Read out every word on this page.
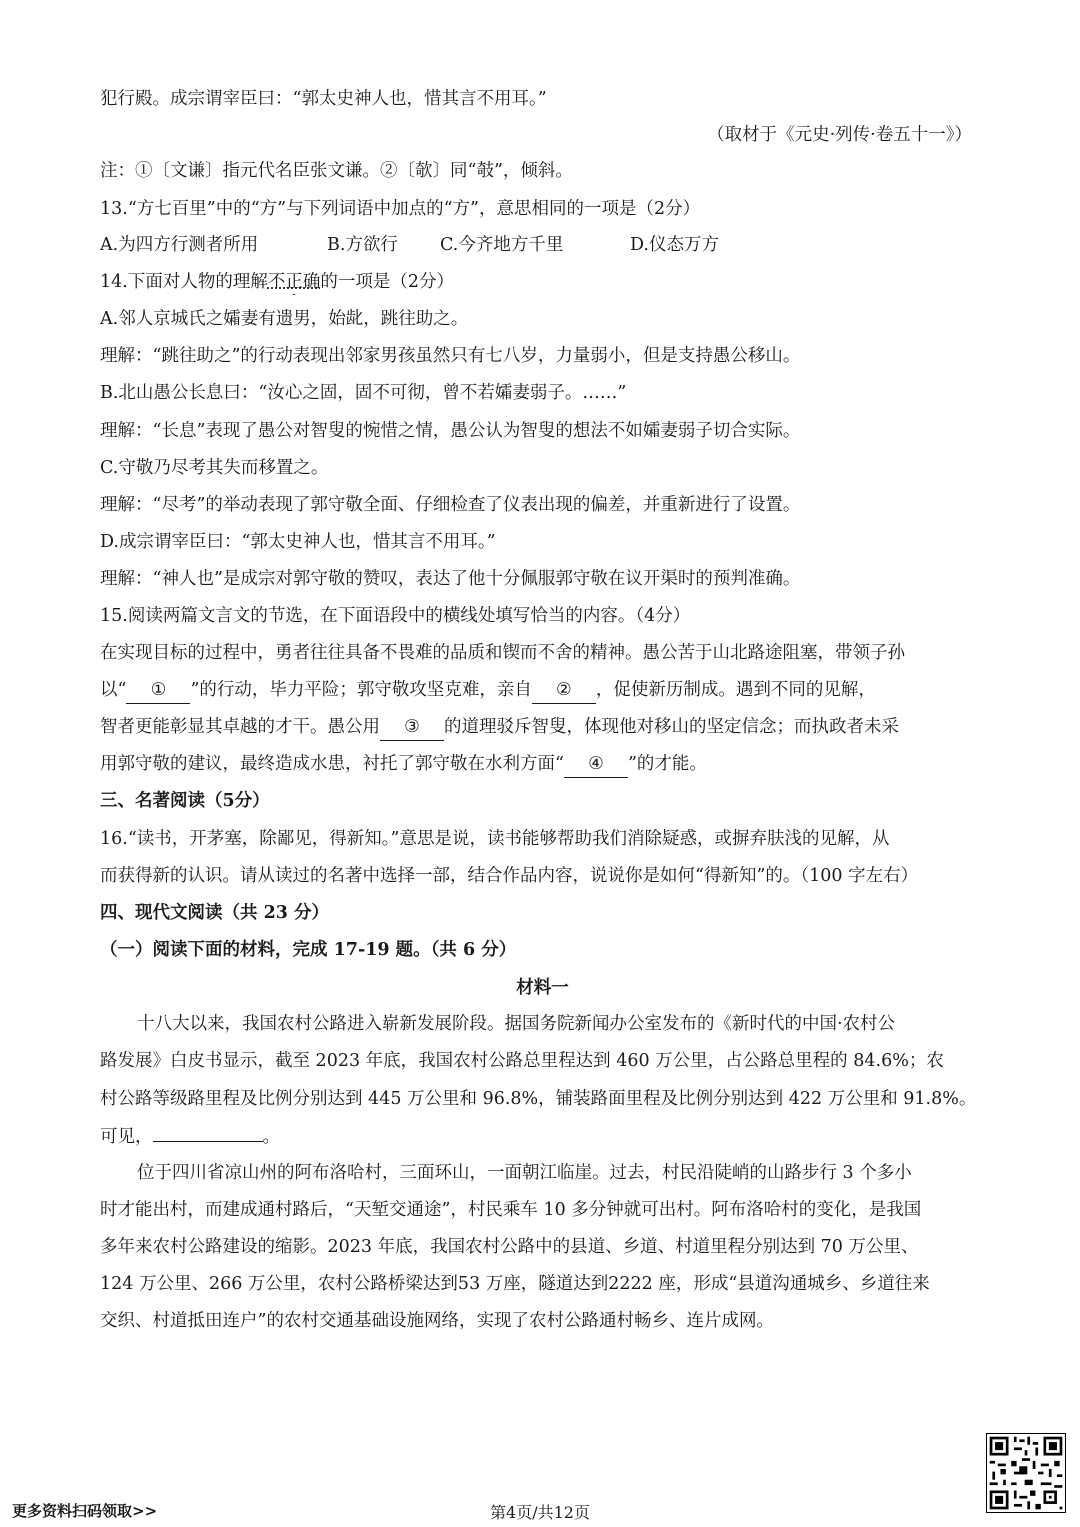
犯行殿。成宗谓宰臣曰：“郭太史神人也，惜其言不用耳。”
（取材于《元史·列传·卷五十一》）
注：①〔文谦〕指元代名臣张文谦。②〔欹〕同“攲”，倾斜。
13.“方七百里”中的“方”与下列词语中加点的“方”，意思相同的一项是（2分）
A.为四方行测者所用	B.方欲行 C.今齐地方千里	D.仪态万方
14.下面对人物的理解不正确的一项是（2分）
A.邻人京城氏之孀妻有遗男，始龀，跳往助之。
理解：“跳往助之”的行动表现出邻家男孩虽然只有七八岁，力量弱小，但是支持愚公移山。
B.北山愚公长息曰：“汝心之固，固不可彻，曾不若孀妻弱子。……”
理解：“长息”表现了愚公对智叟的惋惜之情，愚公认为智叟的想法不如孀妻弱子切合实际。
C.守敬乃尽考其失而移置之。
理解：“尽考”的举动表现了郭守敬全面、仔细检查了仪表出现的偏差，并重新进行了设置。
D.成宗谓宰臣曰：“郭太史神人也，惜其言不用耳。”
理解：“神人也”是成宗对郭守敬的赞叹，表达了他十分佩服郭守敬在议开渠时的预判准确。
15.阅读两篇文言文的节选，在下面语段中的横线处填写恰当的内容。（4分）
在实现目标的过程中，勇者往往具备不畏难的品质和锲而不舍的精神。愚公苦于山北路途阻塞，带领子孙
以“ ① ”的行动，毕力平险；郭守敬攻坚克难，亲自 ② ，促使新历制成。遇到不同的见解，
智者更能彰显其卓越的才干。愚公用 ③ 的道理驳斥智叟，体现他对移山的坚定信念；而执政者未采
用郭守敬的建议，最终造成水患，衬托了郭守敬在水利方面“ ④ ”的才能。
三、名著阅读（5分）
16.“读书，开茅塞，除鄙见，得新知。”意思是说，读书能够帮助我们消除疑惑，或摒弃肤浅的见解，从
而获得新的认识。请从读过的名著中选择一部，结合作品内容，说说你是如何“得新知”的。（100 字左右）
四、现代文阅读（共 23 分）
（一）阅读下面的材料，完成 17-19 题。（共 6 分）
材料一
十八大以来，我国农村公路进入崭新发展阶段。据国务院新闻办公室发布的《新时代的中国·农村公
路发展》白皮书显示，截至 2023 年底，我国农村公路总里程达到 460 万公里，占公路总里程的 84.6%；农
村公路等级路里程及比例分别达到 445 万公里和 96.8%，铺装路面里程及比例分别达到 422 万公里和 91.8%。
可见，	。
位于四川省凉山州的阿布洛哈村，三面环山，一面朝江临崖。过去，村民沿陡峭的山路步行 3 个多小
时才能出村，而建成通村路后，“天堑交通途”，村民乘车 10 多分钟就可出村。阿布洛哈村的变化，是我国
多年来农村公路建设的缩影。2023 年底，我国农村公路中的县道、乡道、村道里程分别达到 70 万公里、
124 万公里、266 万公里，农村公路桥梁达到53 万座，隧道达到2222 座，形成“县道沟通城乡、乡道往来
交织、村道抵田连户”的农村交通基础设施网络，实现了农村公路通村畅乡、连片成网。
更多资料扫码领取>>	第4页/共12页
